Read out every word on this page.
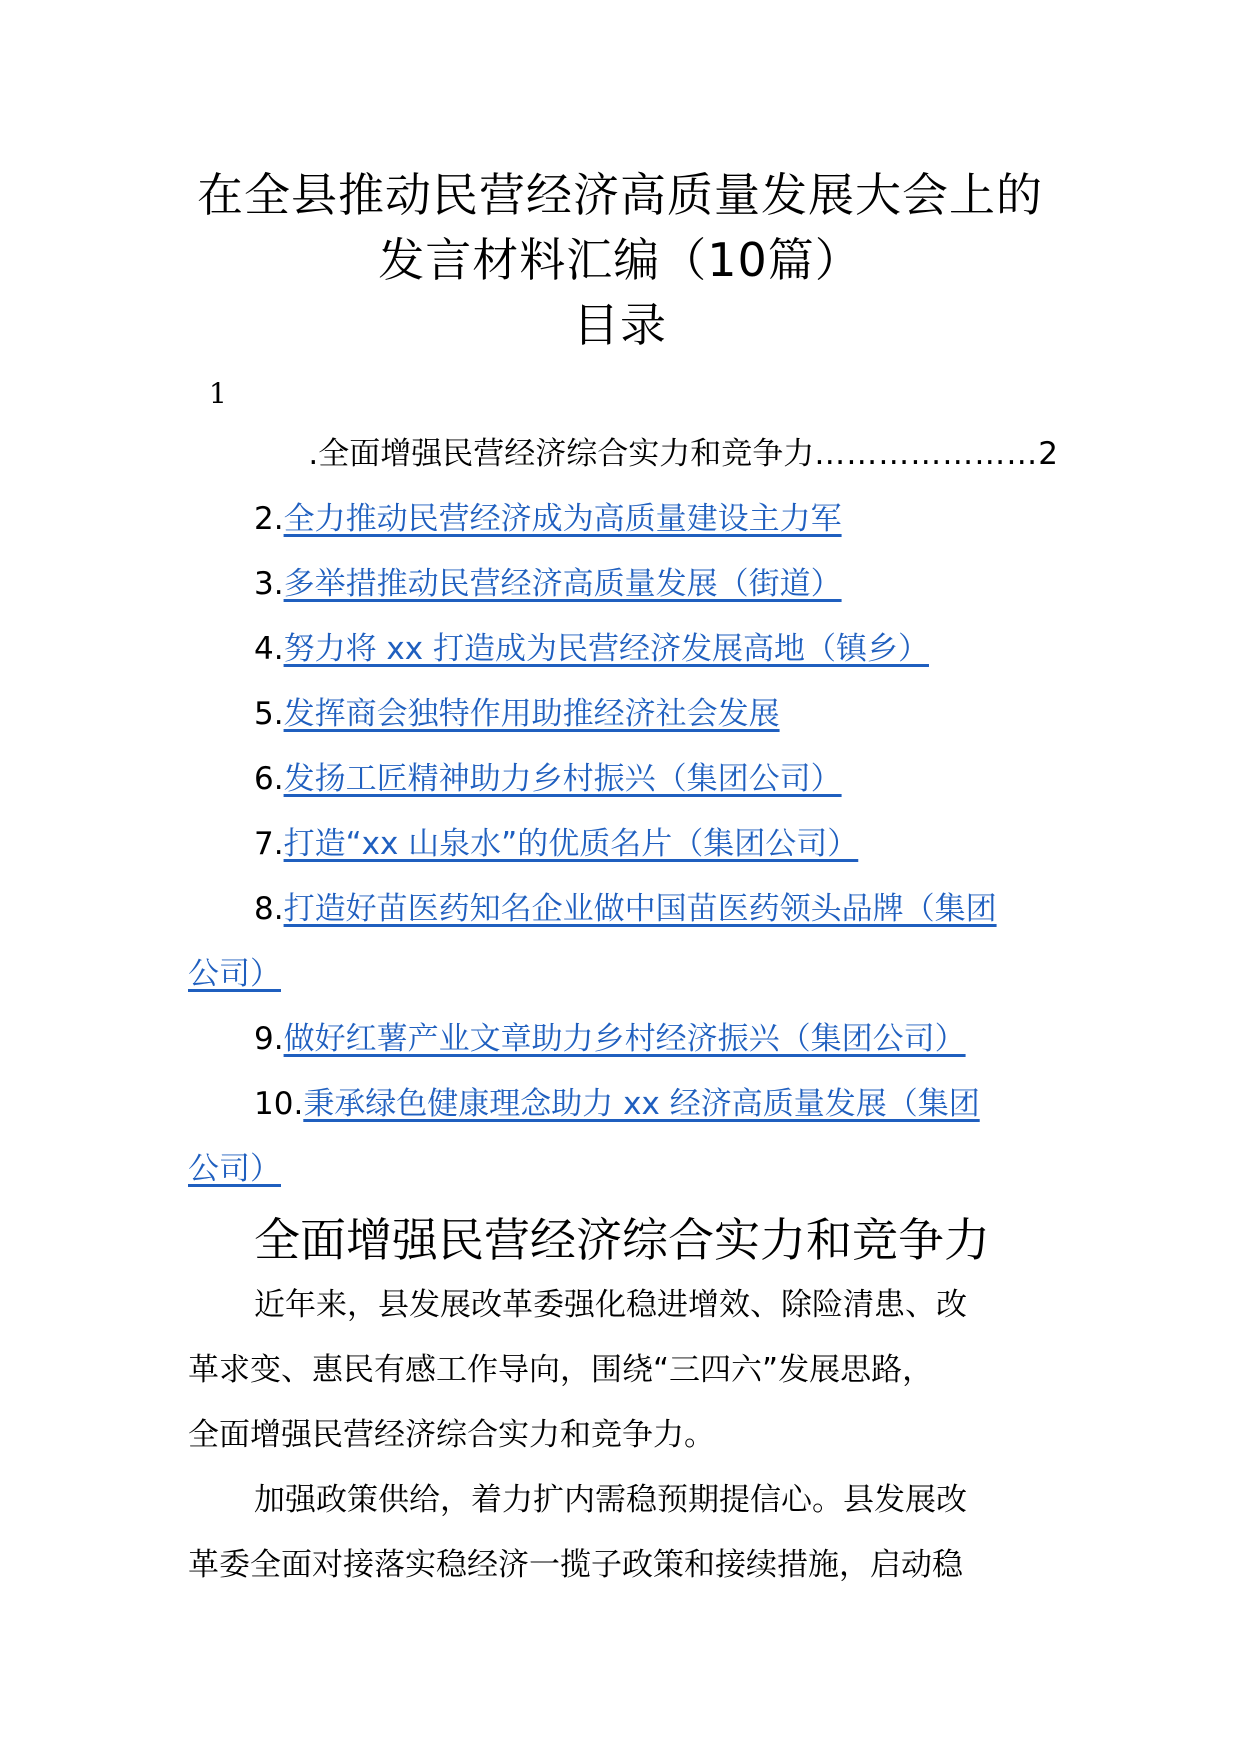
在全县推动民营经济高质量发展大会上的
发言材料汇编（10篇）
目录
1
.全面增强民营经济综合实力和竞争力…………………2
2.全力推动民营经济成为高质量建设主力军
3.多举措推动民营经济高质量发展（街道）
4.努力将 xx 打造成为民营经济发展高地（镇乡）
5.发挥商会独特作用助推经济社会发展
6.发扬工匠精神助力乡村振兴（集团公司）
7.打造“xx 山泉水”的优质名片（集团公司）
8.打造好苗医药知名企业做中国苗医药领头品牌（集团
公司）
9.做好红薯产业文章助力乡村经济振兴（集团公司）
10.秉承绿色健康理念助力 xx 经济高质量发展（集团
公司）
全面增强民营经济综合实力和竞争力
近年来，县发展改革委强化稳进增效、除险清患、改
革求变、惠民有感工作导向，围绕“三四六”发展思路，
全面增强民营经济综合实力和竞争力。
加强政策供给，着力扩内需稳预期提信心。县发展改
革委全面对接落实稳经济一揽子政策和接续措施，启动稳
